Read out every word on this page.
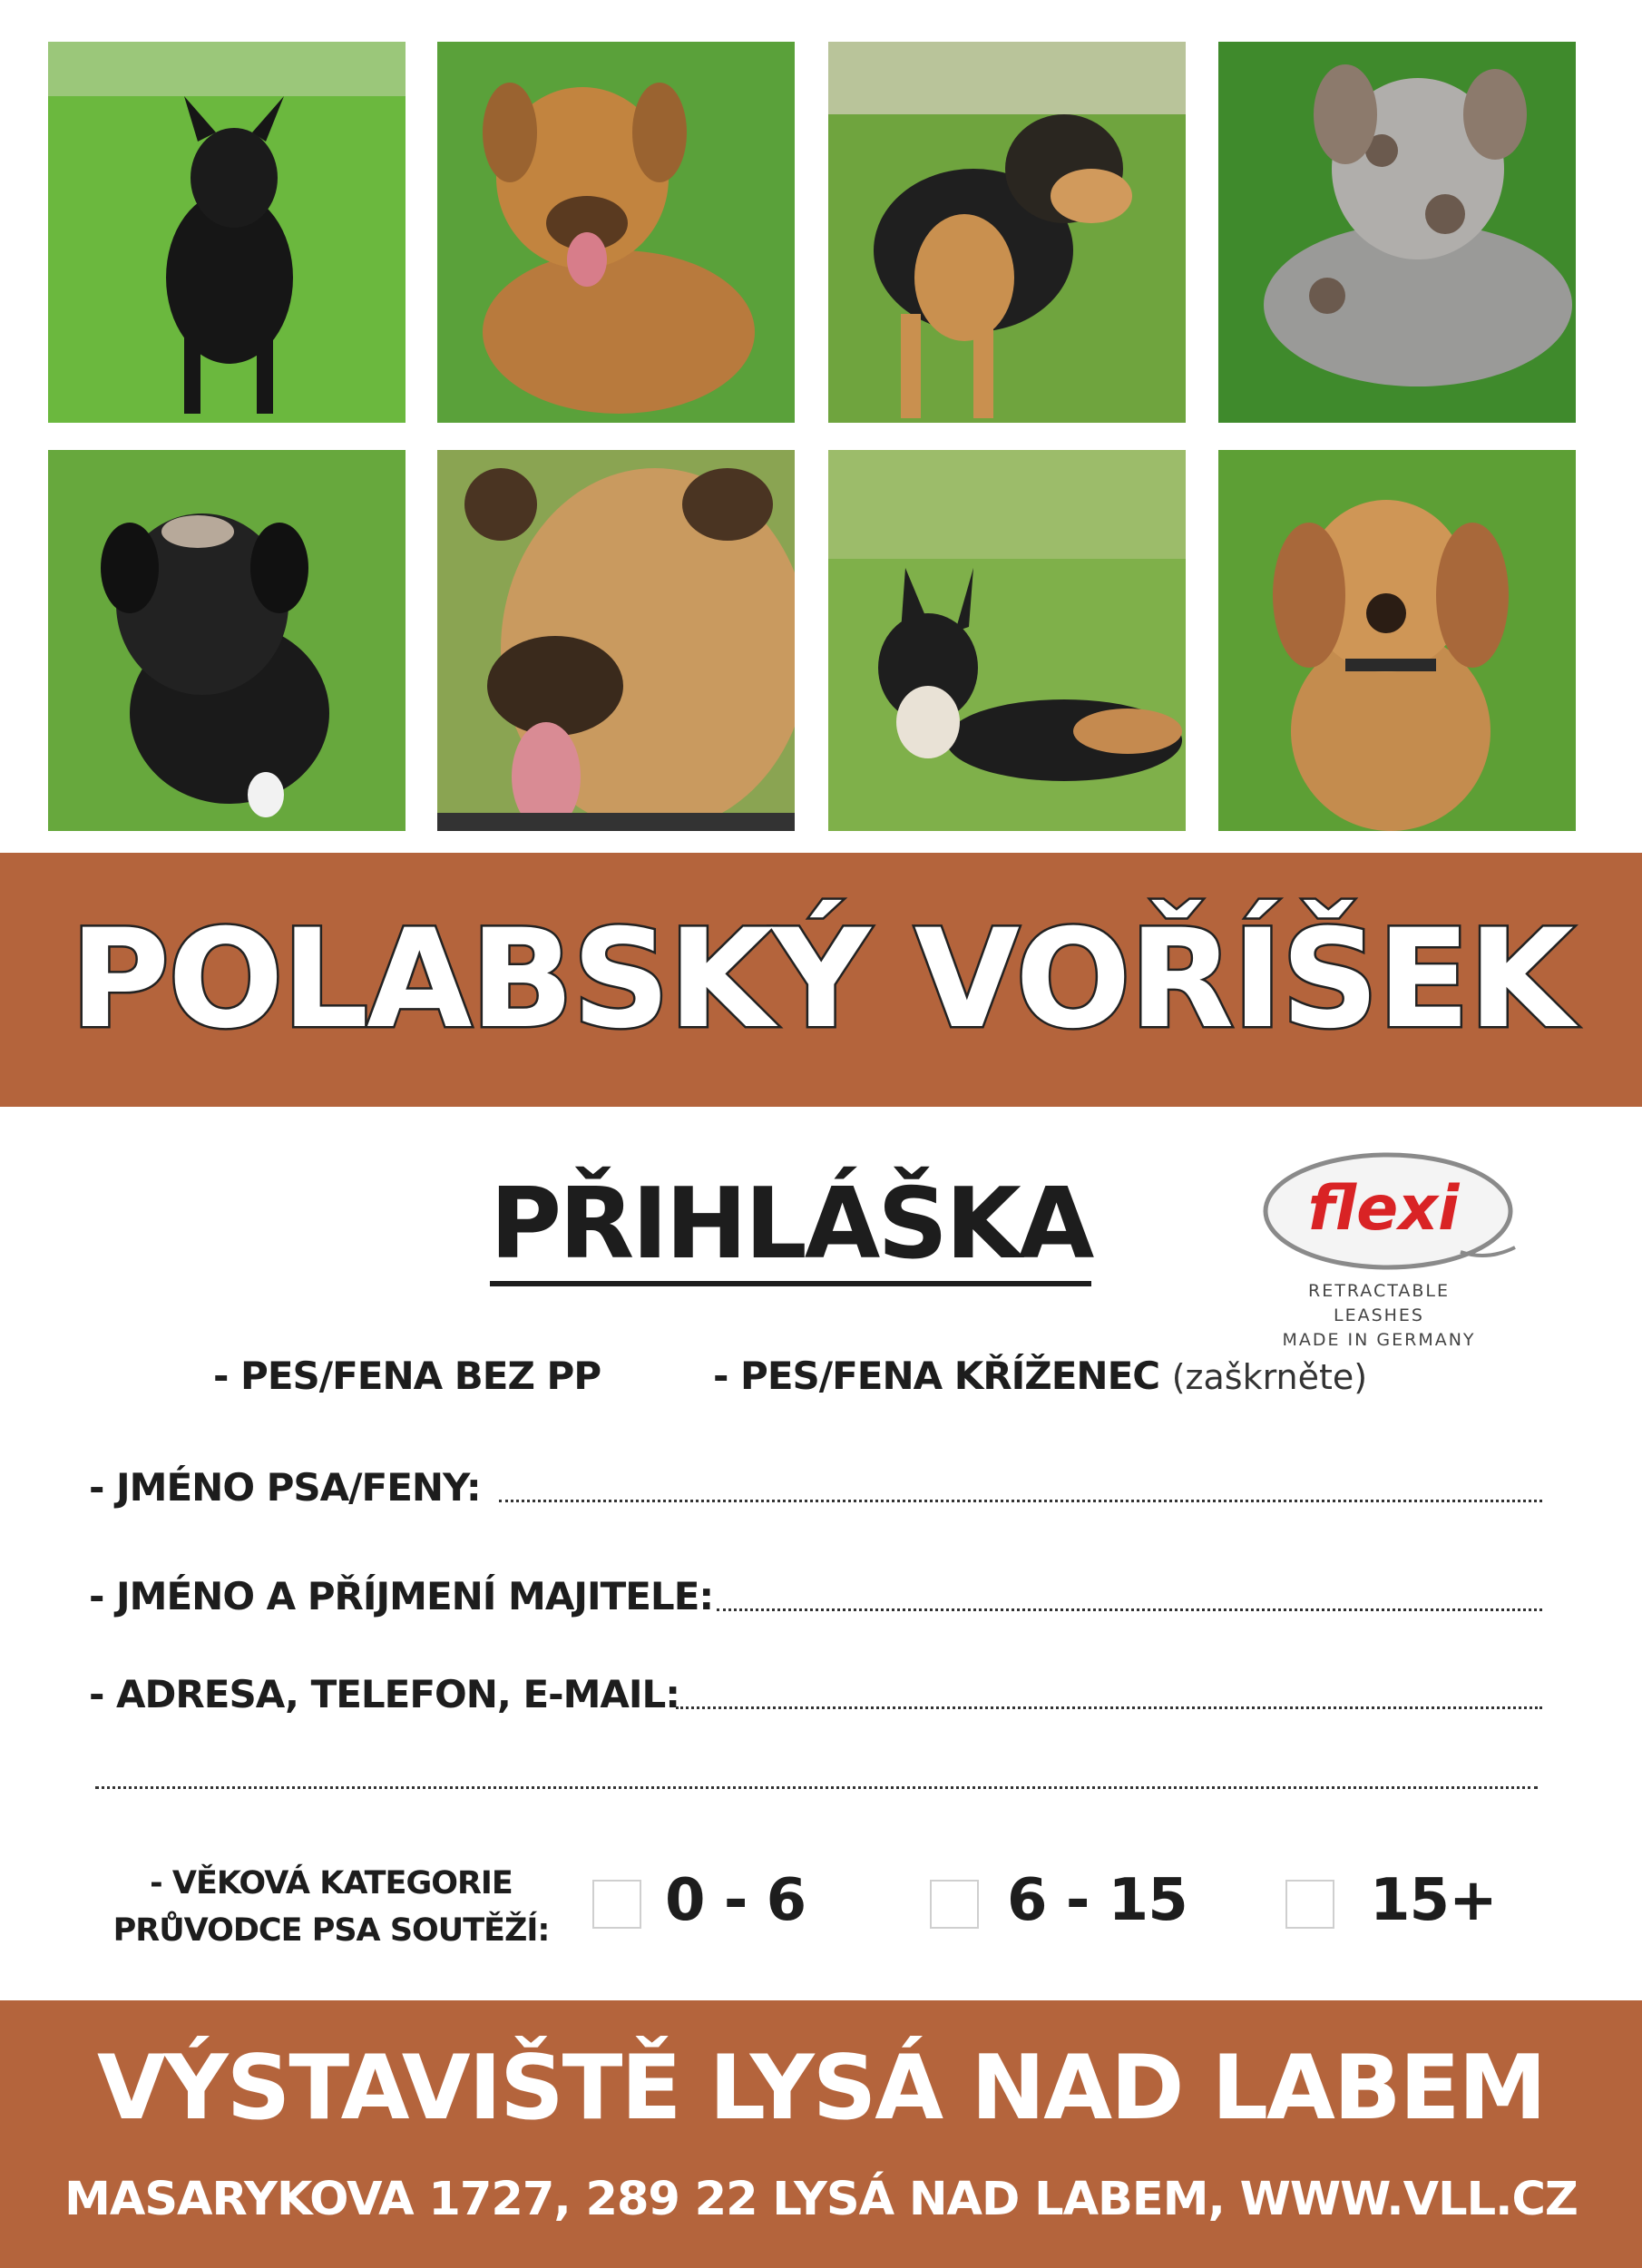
POLABSKÝ VOŘÍŠEK
PŘIHLÁŠKA	flexi
RETRACTABLE LEASHES
MADE IN GERMANY
- PES/FENA BEZ PP	- PES/FENA KŘÍŽENEC (zaškrněte)
- JMÉNO PSA/FENY:
- JMÉNO A PŘÍJMENÍ MAJITELE:
- ADRESA, TELEFON, E-MAIL:
- VĚKOVÁ KATEGORIE
PRŮVODCE PSA SOUTĚŽÍ: 0 - 6	6 - 15	15+
VÝSTAVIŠTĚ LYSÁ NAD LABEM
MASARYKOVA 1727, 289 22 LYSÁ NAD LABEM, WWW.VLL.CZ
